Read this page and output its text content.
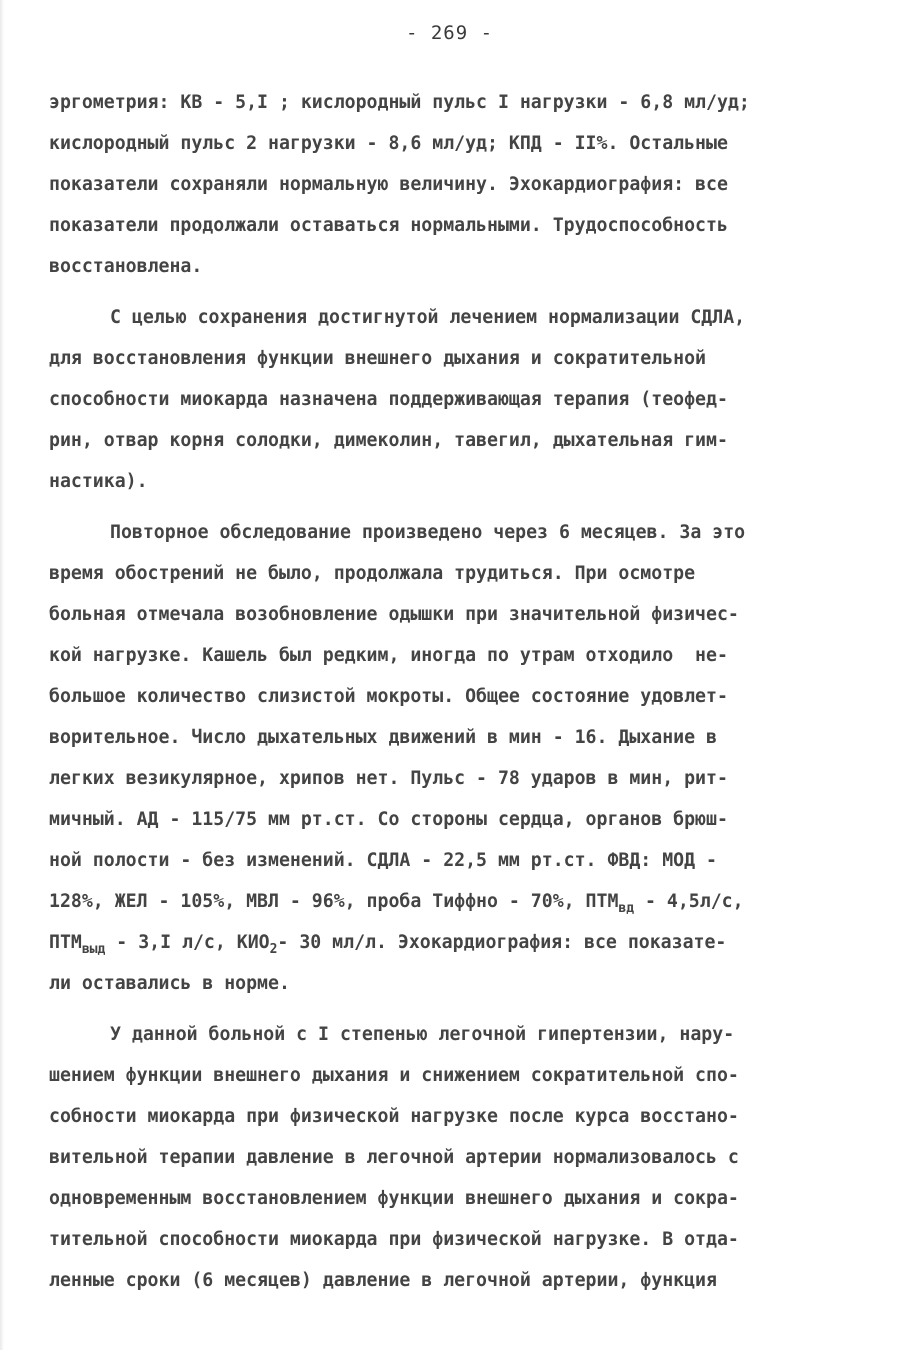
- 269 -
эргометрия: КВ - 5,I ; кислородный пульс I нагрузки - 6,8 мл/уд;
кислородный пульс 2 нагрузки - 8,6 мл/уд; КПД - II%. Остальные
показатели сохраняли нормальную величину. Эхокардиография: все
показатели продолжали оставаться нормальными. Трудоспособность
восстановлена.
С целью сохранения достигнутой лечением нормализации СДЛА,
для восстановления функции внешнего дыхания и сократительной
способности миокарда назначена поддерживающая терапия (теофед-
рин, отвар корня солодки, димеколин, тавегил, дыхательная гим-
настика).
Повторное обследование произведено через 6 месяцев. За это
время обострений не было, продолжала трудиться. При осмотре
больная отмечала возобновление одышки при значительной физичес-
кой нагрузке. Кашель был редким, иногда по утрам отходило  не-
большое количество слизистой мокроты. Общее состояние удовлет-
ворительное. Число дыхательных движений в мин - 16. Дыхание в
легких везикулярное, хрипов нет. Пульс - 78 ударов в мин, рит-
мичный. АД - 115/75 мм рт.ст. Со стороны сердца, органов брюш-
ной полости - без изменений. СДЛА - 22,5 мм рт.ст. ФВД: МОД -
128%, ЖЕЛ - 105%, МВЛ - 96%, проба Тиффно - 70%, $ПТМ_{вд} - 4,5л/с$,
$ПТМ_{выд} - 3,I$ л/с, $КИО_2-$ 30 мл/л. Эхокардиография: все показате-
ли оставались в норме.
У данной больной с I степенью легочной гипертензии, нару-
шением функции внешнего дыхания и снижением сократительной спо-
собности миокарда при физической нагрузке после курса восстано-
вительной терапии давление в легочной артерии нормализовалось с
одновременным восстановлением функции внешнего дыхания и сокра-
тительной способности миокарда при физической нагрузке. В отда-
ленные сроки (6 месяцев) давление в легочной артерии, функция
